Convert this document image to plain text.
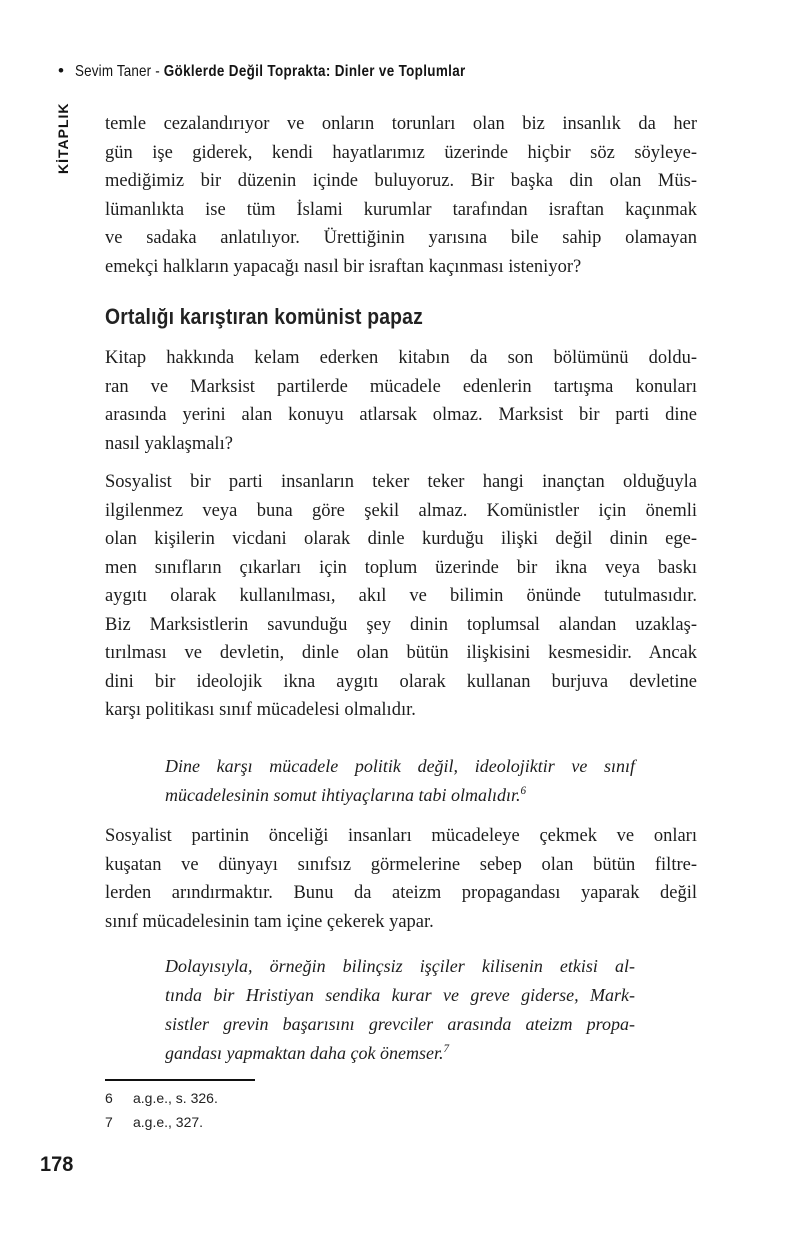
• Sevim Taner - Göklerde Değil Toprakta: Dinler ve Toplumlar
KİTAPLIK temle cezalandırıyor ve onların torunları olan biz insanlık da her
gün işe giderek, kendi hayatlarımız üzerinde hiçbir söz söyleye-
mediğimiz bir düzenin içinde buluyoruz. Bir başka din olan Müs-
lümanlıkta ise tüm İslami kurumlar tarafından israftan kaçınmak
ve sadaka anlatılıyor. Ürettiğinin yarısına bile sahip olamayan
emekçi halkların yapacağı nasıl bir israftan kaçınması isteniyor?
Ortalığı karıştıran komünist papaz
Kitap hakkında kelam ederken kitabın da son bölümünü doldu-
ran ve Marksist partilerde mücadele edenlerin tartışma konuları
arasında yerini alan konuyu atlarsak olmaz. Marksist bir parti dine
nasıl yaklaşmalı?
Sosyalist bir parti insanların teker teker hangi inançtan olduğuyla
ilgilenmez veya buna göre şekil almaz. Komünistler için önemli
olan kişilerin vicdani olarak dinle kurduğu ilişki değil dinin ege-
men sınıfların çıkarları için toplum üzerinde bir ikna veya baskı
aygıtı olarak kullanılması, akıl ve bilimin önünde tutulmasıdır.
Biz Marksistlerin savunduğu şey dinin toplumsal alandan uzaklaş-
tırılması ve devletin, dinle olan bütün ilişkisini kesmesidir. Ancak
dini bir ideolojik ikna aygıtı olarak kullanan burjuva devletine
karşı politikası sınıf mücadelesi olmalıdır.
Dine karşı mücadele politik değil, ideolojiktir ve sınıf
mücadelesinin somut ihtiyaçlarına tabi olmalıdır.$^6$
Sosyalist partinin önceliği insanları mücadeleye çekmek ve onları
kuşatan ve dünyayı sınıfsız görmelerine sebep olan bütün filtre-
lerden arındırmaktır. Bunu da ateizm propagandası yaparak değil
sınıf mücadelesinin tam içine çekerek yapar.
Dolayısıyla, örneğin bilinçsiz işçiler kilisenin etkisi al-
tında bir Hristiyan sendika kurar ve greve giderse, Mark-
sistler grevin başarısını grevciler arasında ateizm propa-
gandası yapmaktan daha çok önemser.$^7$
6 a.g.e., s. 326.
7 a.g.e., 327.
178
